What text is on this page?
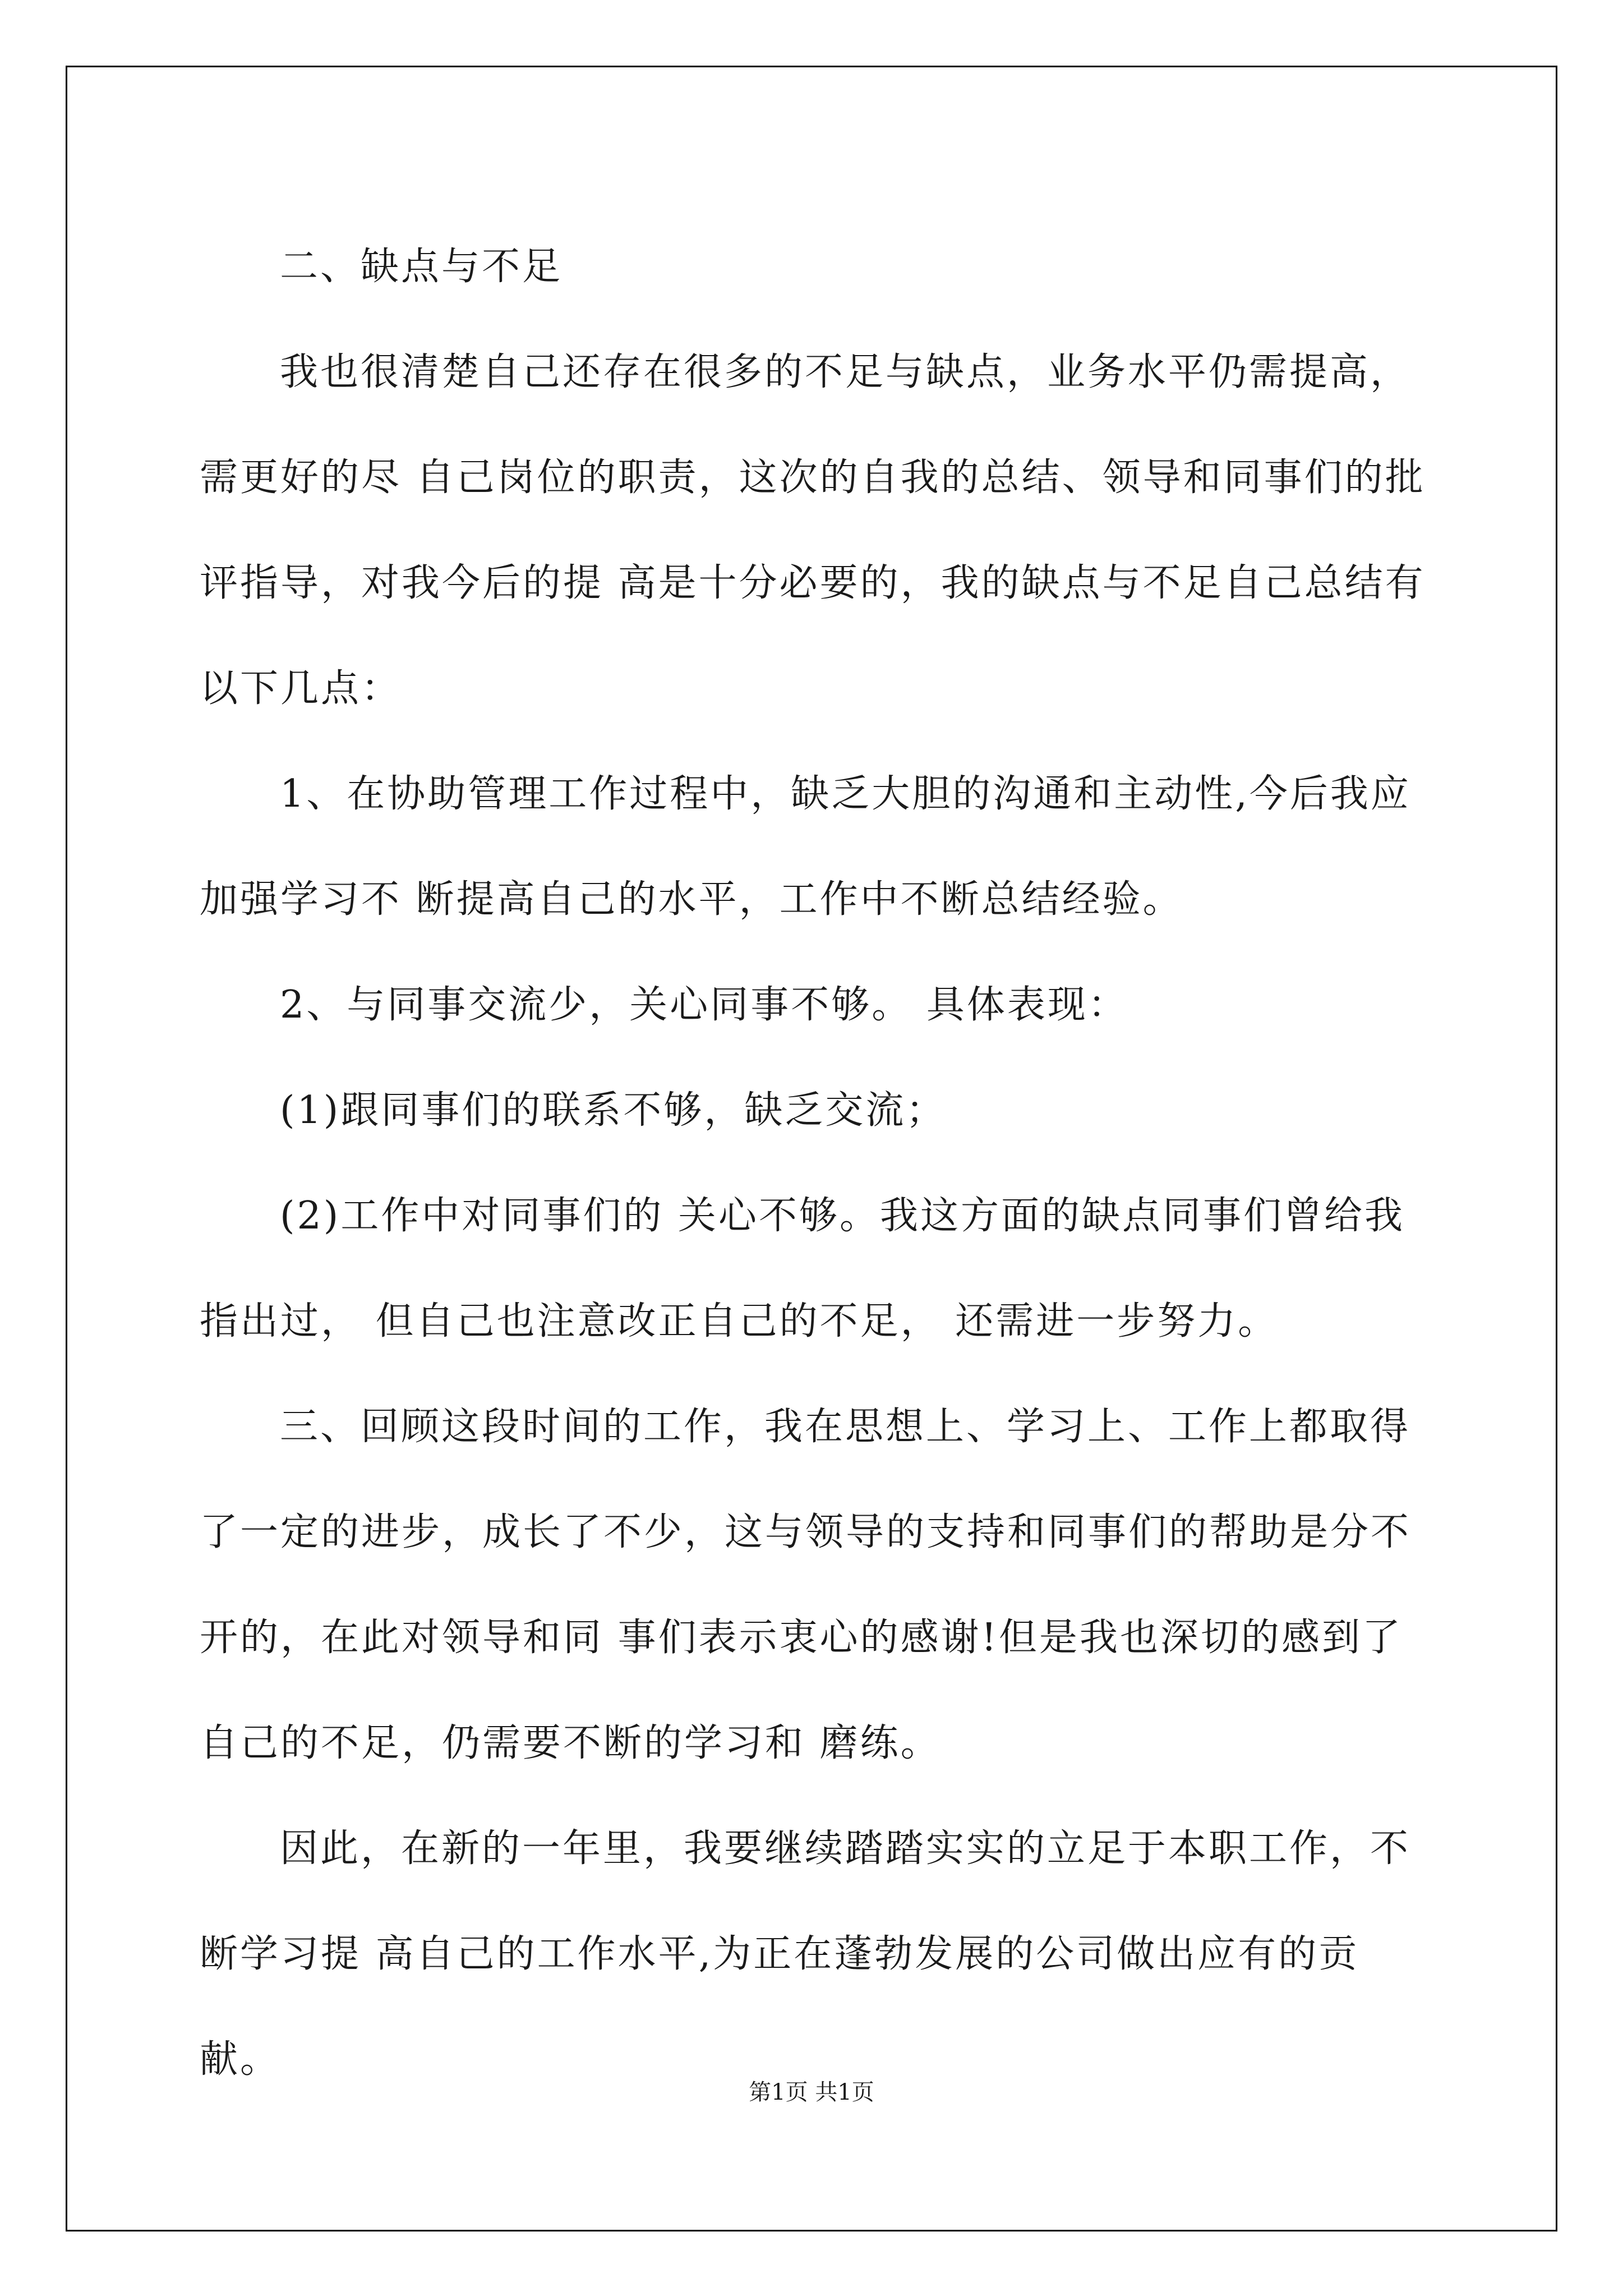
二、缺点与不足

我也很清楚自己还存在很多的不足与缺点，业务水平仍需提高，需更好的尽 自己岗位的职责，这次的自我的总结、领导和同事们的批评指导，对我今后的提 高是十分必要的，我的缺点与不足自己总结有以下几点：

1、在协助管理工作过程中，缺乏大胆的沟通和主动性,今后我应加强学习不 断提高自己的水平，工作中不断总结经验。

2、与同事交流少，关心同事不够。 具体表现：

(1)跟同事们的联系不够，缺乏交流；

(2)工作中对同事们的 关心不够。我这方面的缺点同事们曾给我指出过， 但自己也注意改正自己的不足， 还需进一步努力。

三、回顾这段时间的工作，我在思想上、学习上、工作上都取得了一定的进步，成长了不少，这与领导的支持和同事们的帮助是分不开的，在此对领导和同 事们表示衷心的感谢!但是我也深切的感到了自己的不足，仍需要不断的学习和 磨练。

因此，在新的一年里，我要继续踏踏实实的立足于本职工作，不断学习提 高自己的工作水平,为正在蓬勃发展的公司做出应有的贡献。

第1页 共1页
